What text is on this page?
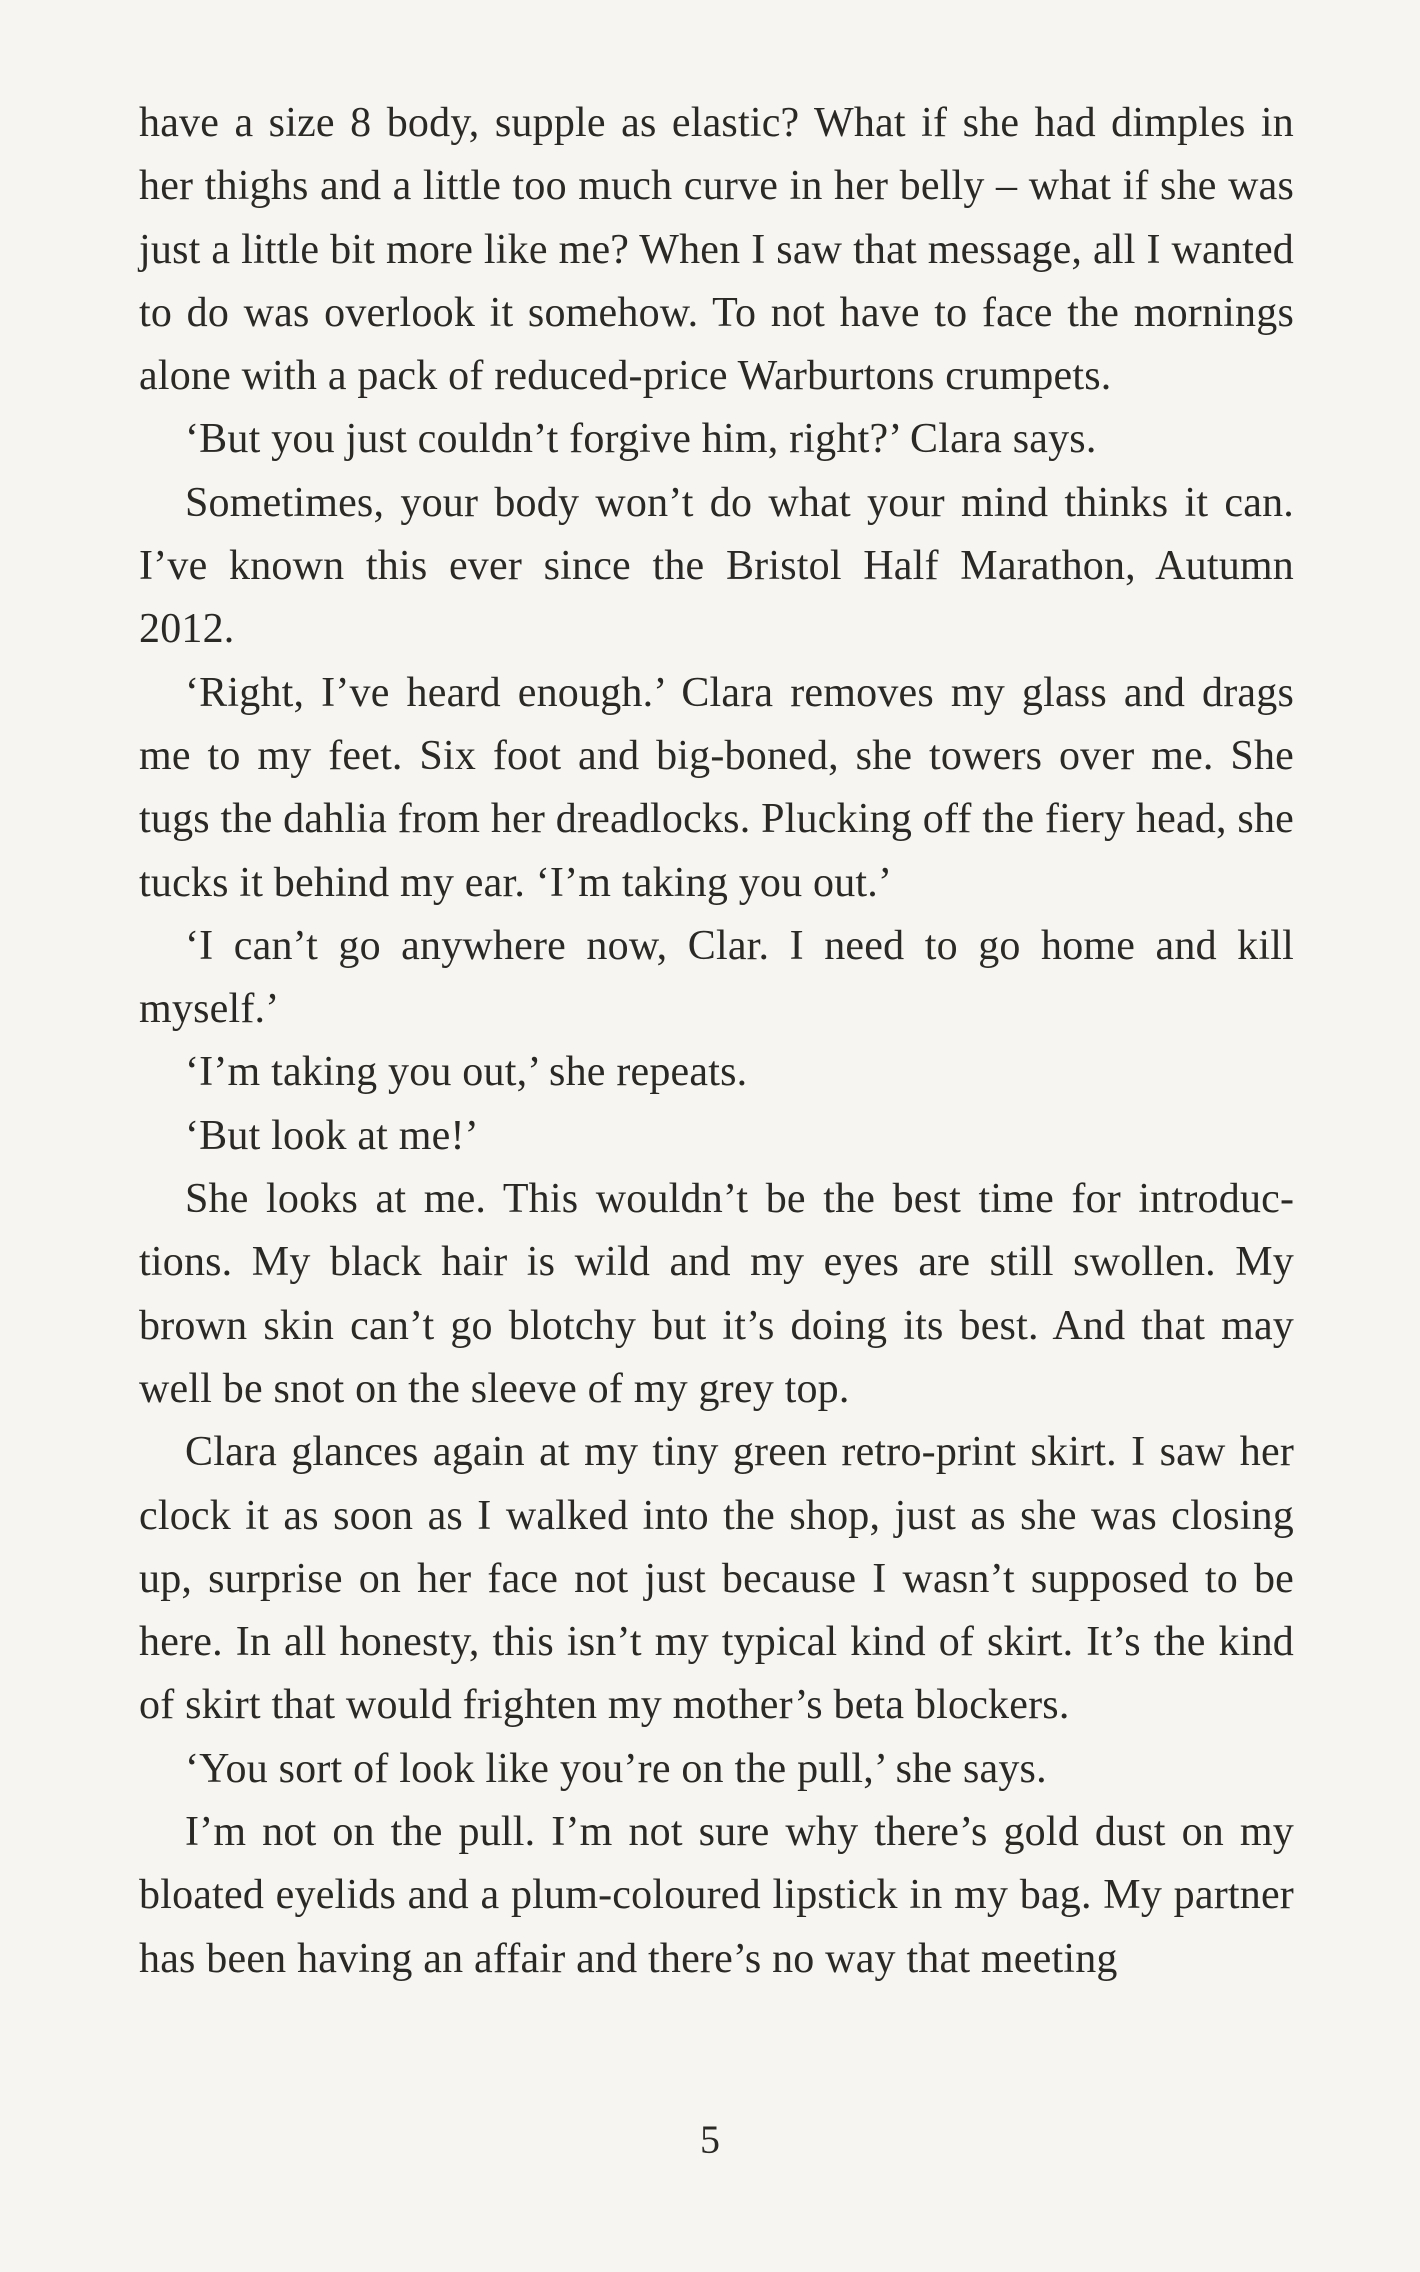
have a size 8 body, supple as elastic? What if she had dimples in her thighs and a little too much curve in her belly – what if she was just a little bit more like me? When I saw that message, all I wanted to do was overlook it somehow. To not have to face the mornings alone with a pack of reduced-price Warburtons crumpets.

‘But you just couldn’t forgive him, right?’ Clara says.

Sometimes, your body won’t do what your mind thinks it can. I’ve known this ever since the Bristol Half Marathon, Autumn 2012.

‘Right, I’ve heard enough.’ Clara removes my glass and drags me to my feet. Six foot and big-boned, she towers over me. She tugs the dahlia from her dreadlocks. Plucking off the fiery head, she tucks it behind my ear. ‘I’m taking you out.’

‘I can’t go anywhere now, Clar. I need to go home and kill myself.’

‘I’m taking you out,’ she repeats.

‘But look at me!’

She looks at me. This wouldn’t be the best time for introductions. My black hair is wild and my eyes are still swollen. My brown skin can’t go blotchy but it’s doing its best. And that may well be snot on the sleeve of my grey top.

Clara glances again at my tiny green retro-print skirt. I saw her clock it as soon as I walked into the shop, just as she was closing up, surprise on her face not just because I wasn’t supposed to be here. In all honesty, this isn’t my typical kind of skirt. It’s the kind of skirt that would frighten my mother’s beta blockers.

‘You sort of look like you’re on the pull,’ she says.

I’m not on the pull. I’m not sure why there’s gold dust on my bloated eyelids and a plum-coloured lipstick in my bag. My partner has been having an affair and there’s no way that meeting

5
